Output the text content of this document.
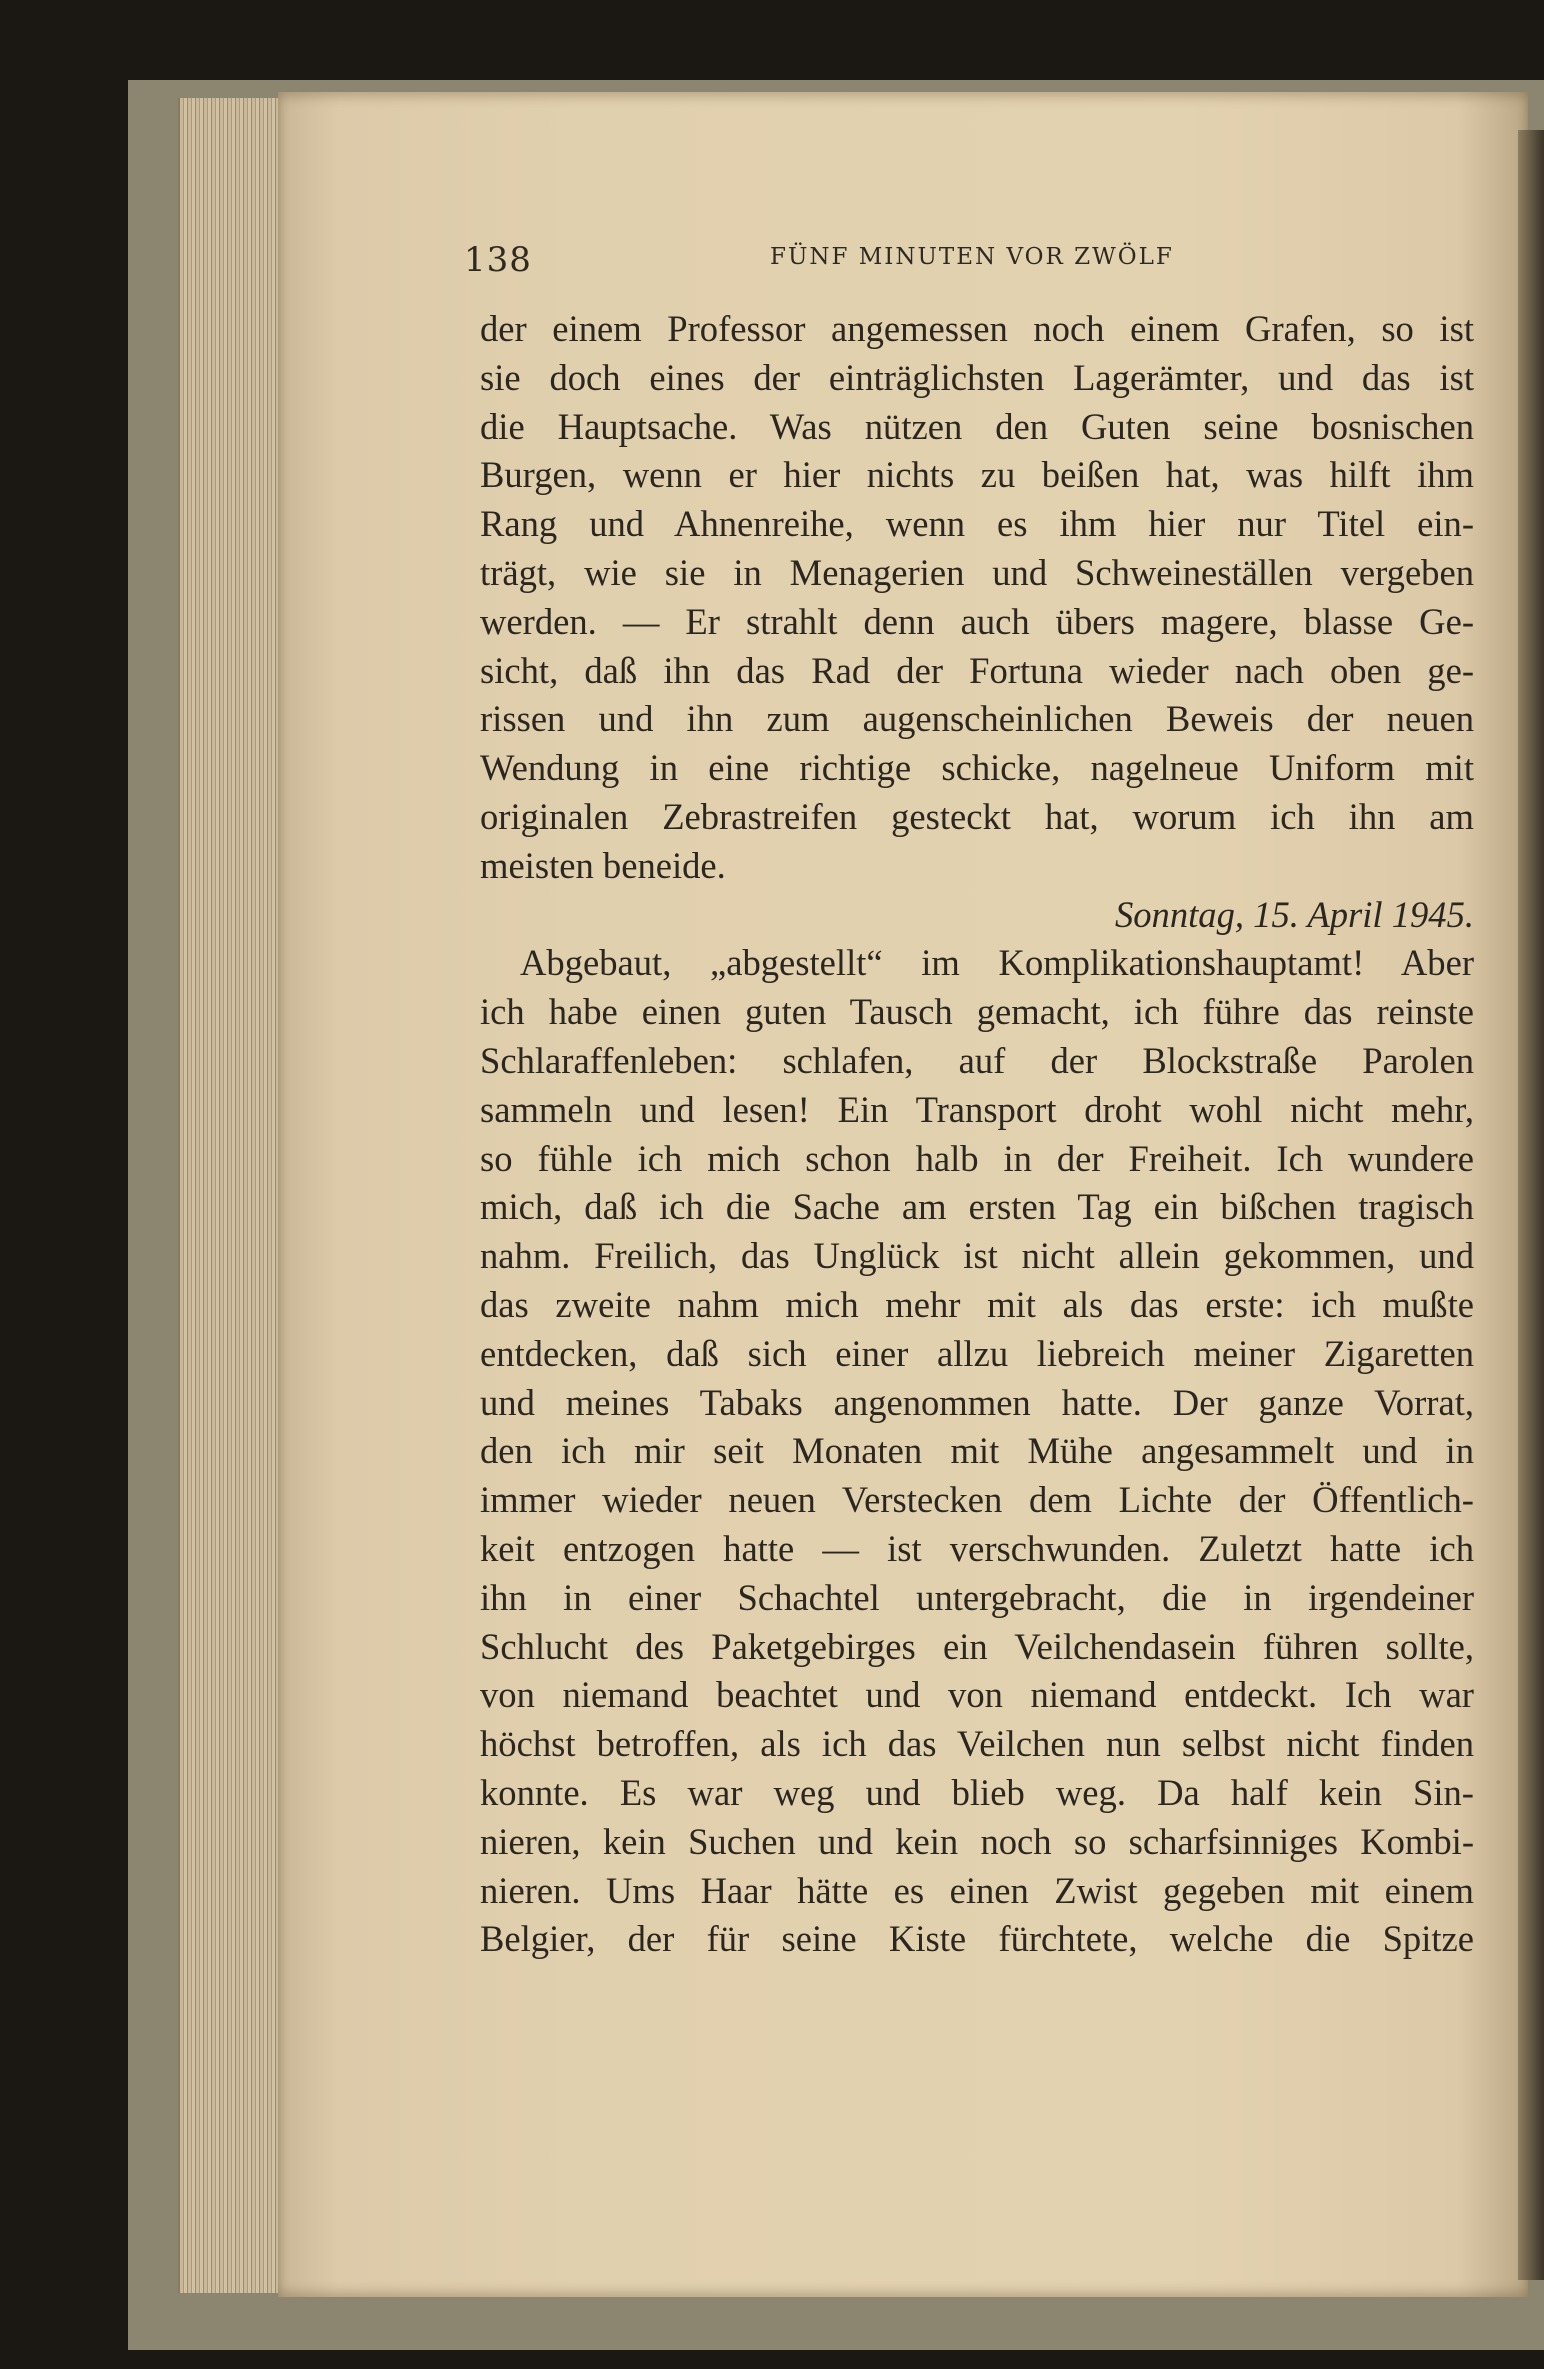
138	FÜNF MINUTEN VOR ZWÖLF
der einem Professor angemessen noch einem Grafen, so ist
sie doch eines der einträglichsten Lagerämter, und das ist
die Hauptsache. Was nützen den Guten seine bosnischen
Burgen, wenn er hier nichts zu beißen hat, was hilft ihm
Rang und Ahnenreihe, wenn es ihm hier nur Titel ein-
trägt, wie sie in Menagerien und Schweineställen vergeben
werden. — Er strahlt denn auch übers magere, blasse Ge-
sicht, daß ihn das Rad der Fortuna wieder nach oben ge-
rissen und ihn zum augenscheinlichen Beweis der neuen
Wendung in eine richtige schicke, nagelneue Uniform mit
originalen Zebrastreifen gesteckt hat, worum ich ihn am
meisten beneide.
Sonntag, 15. April 1945.
Abgebaut, „abgestellt“ im Komplikationshauptamt! Aber
ich habe einen guten Tausch gemacht, ich führe das reinste
Schlaraffenleben: schlafen, auf der Blockstraße Parolen
sammeln und lesen! Ein Transport droht wohl nicht mehr,
so fühle ich mich schon halb in der Freiheit. Ich wundere
mich, daß ich die Sache am ersten Tag ein bißchen tragisch
nahm. Freilich, das Unglück ist nicht allein gekommen, und
das zweite nahm mich mehr mit als das erste: ich mußte
entdecken, daß sich einer allzu liebreich meiner Zigaretten
und meines Tabaks angenommen hatte. Der ganze Vorrat,
den ich mir seit Monaten mit Mühe angesammelt und in
immer wieder neuen Verstecken dem Lichte der Öffentlich-
keit entzogen hatte — ist verschwunden. Zuletzt hatte ich
ihn in einer Schachtel untergebracht, die in irgendeiner
Schlucht des Paketgebirges ein Veilchendasein führen sollte,
von niemand beachtet und von niemand entdeckt. Ich war
höchst betroffen, als ich das Veilchen nun selbst nicht finden
konnte. Es war weg und blieb weg. Da half kein Sin-
nieren, kein Suchen und kein noch so scharfsinniges Kombi-
nieren. Ums Haar hätte es einen Zwist gegeben mit einem
Belgier, der für seine Kiste fürchtete, welche die Spitze
